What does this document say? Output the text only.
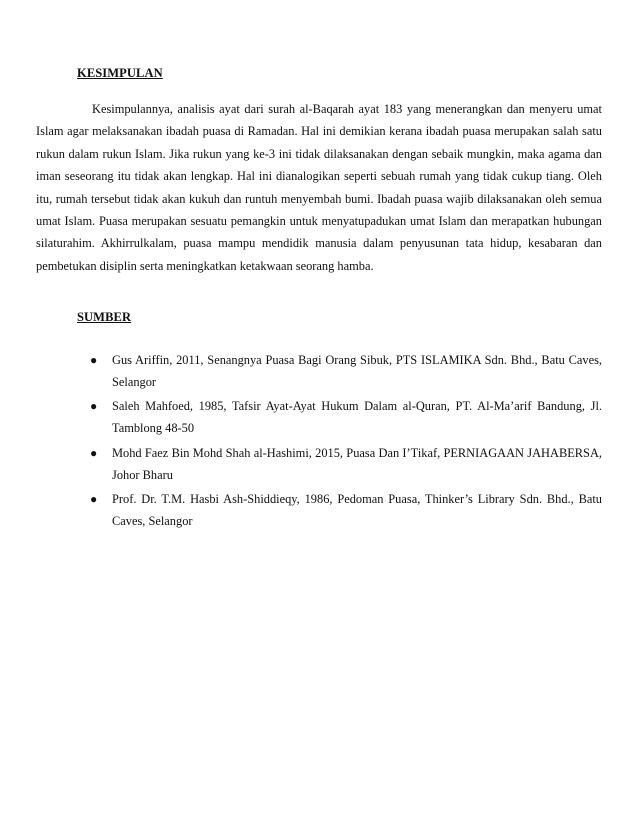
KESIMPULAN

Kesimpulannya, analisis ayat dari surah al-Baqarah ayat 183 yang menerangkan dan menyeru umat Islam agar melaksanakan ibadah puasa di Ramadan. Hal ini demikian kerana ibadah puasa merupakan salah satu rukun dalam rukun Islam. Jika rukun yang ke-3 ini tidak dilaksanakan dengan sebaik mungkin, maka agama dan iman seseorang itu tidak akan lengkap. Hal ini dianalogikan seperti sebuah rumah yang tidak cukup tiang. Oleh itu, rumah tersebut tidak akan kukuh dan runtuh menyembah bumi. Ibadah puasa wajib dilaksanakan oleh semua umat Islam. Puasa merupakan sesuatu pemangkin untuk menyatupadukan umat Islam dan merapatkan hubungan silaturahim. Akhirrulkalam, puasa mampu mendidik manusia dalam penyusunan tata hidup, kesabaran dan pembetukan disiplin serta meningkatkan ketakwaan seorang hamba.

SUMBER
● Gus Ariffin, 2011, Senangnya Puasa Bagi Orang Sibuk, PTS ISLAMIKA Sdn. Bhd., Batu Caves, Selangor
● Saleh Mahfoed, 1985, Tafsir Ayat-Ayat Hukum Dalam al-Quran, PT. Al-Ma’arif Bandung, Jl. Tamblong 48-50
● Mohd Faez Bin Mohd Shah al-Hashimi, 2015, Puasa Dan I’Tikaf, PERNIAGAAN JAHABERSA, Johor Bharu
● Prof. Dr. T.M. Hasbi Ash-Shiddieqy, 1986, Pedoman Puasa, Thinker’s Library Sdn. Bhd., Batu Caves, Selangor
